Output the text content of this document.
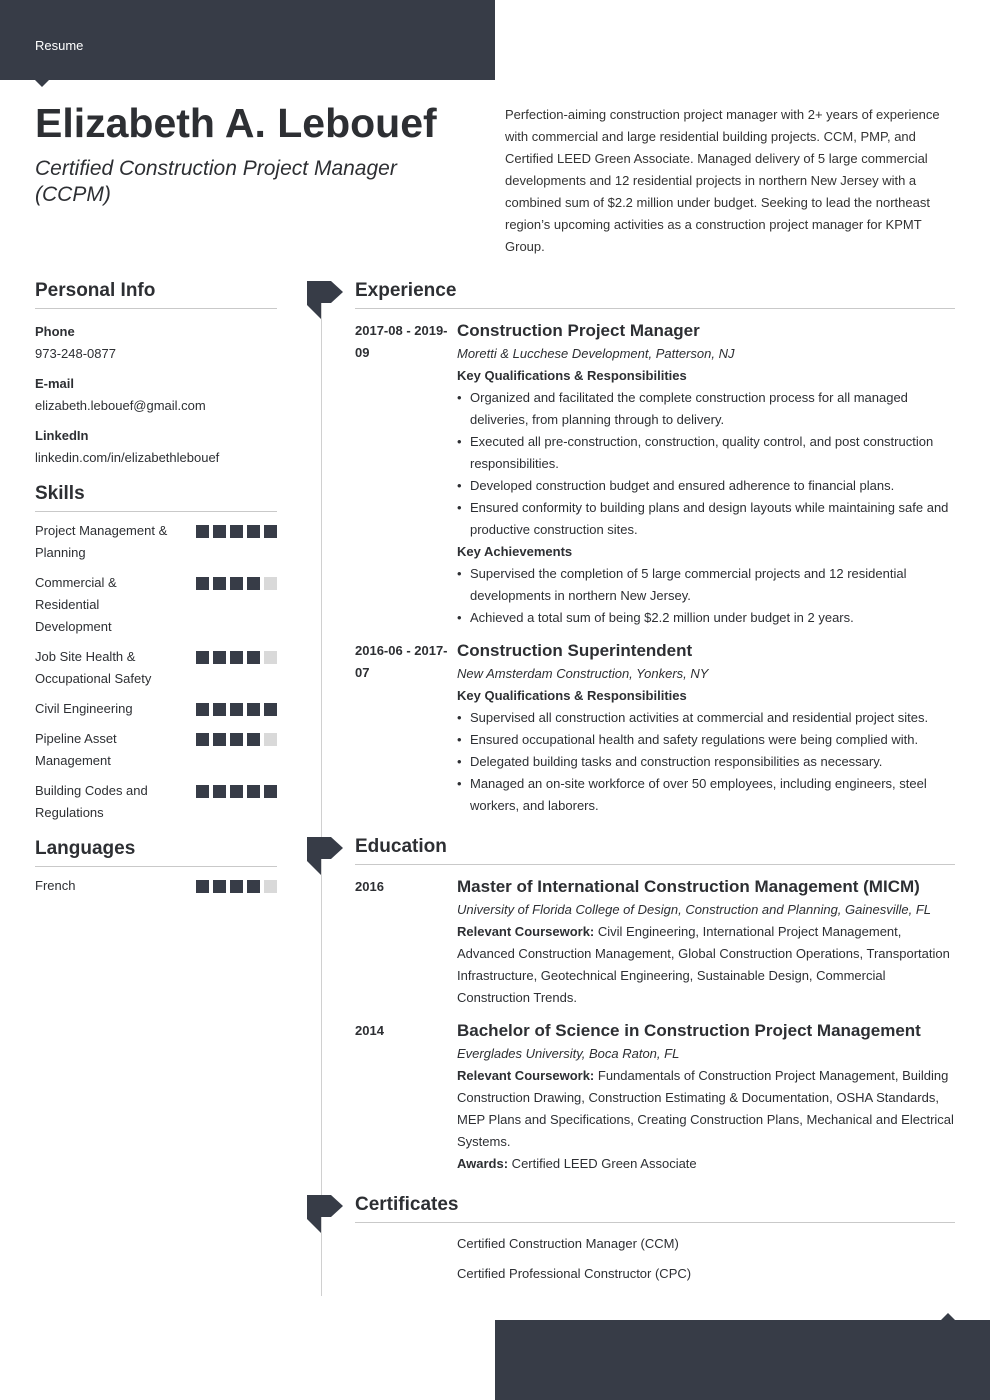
Resume
Elizabeth A. Lebouef
Certified Construction Project Manager (CCPM)
Perfection-aiming construction project manager with 2+ years of experience with commercial and large residential building projects. CCM, PMP, and Certified LEED Green Associate. Managed delivery of 5 large commercial developments and 12 residential projects in northern New Jersey with a combined sum of $2.2 million under budget. Seeking to lead the northeast region’s upcoming activities as a construction project manager for KPMT Group.
Personal Info
Phone
973-248-0877
E-mail
elizabeth.lebouef@gmail.com
LinkedIn
linkedin.com/in/elizabethlebouef
Skills
Project Management & Planning
Commercial & Residential Development
Job Site Health & Occupational Safety
Civil Engineering
Pipeline Asset Management
Building Codes and Regulations
Languages
French
Experience
2017-08 - 2019-09
Construction Project Manager
Moretti & Lucchese Development, Patterson, NJ
Key Qualifications & Responsibilities
• Organized and facilitated the complete construction process for all managed deliveries, from planning through to delivery.
• Executed all pre-construction, construction, quality control, and post construction responsibilities.
• Developed construction budget and ensured adherence to financial plans.
• Ensured conformity to building plans and design layouts while maintaining safe and productive construction sites.
Key Achievements
• Supervised the completion of 5 large commercial projects and 12 residential developments in northern New Jersey.
• Achieved a total sum of being $2.2 million under budget in 2 years.
2016-06 - 2017-07
Construction Superintendent
New Amsterdam Construction, Yonkers, NY
Key Qualifications & Responsibilities
• Supervised all construction activities at commercial and residential project sites.
• Ensured occupational health and safety regulations were being complied with.
• Delegated building tasks and construction responsibilities as necessary.
• Managed an on-site workforce of over 50 employees, including engineers, steel workers, and laborers.
Education
2016	Master of International Construction Management (MICM)
University of Florida College of Design, Construction and Planning, Gainesville, FL
Relevant Coursework: Civil Engineering, International Project Management, Advanced Construction Management, Global Construction Operations, Transportation Infrastructure, Geotechnical Engineering, Sustainable Design, Commercial Construction Trends.
2014	Bachelor of Science in Construction Project Management
Everglades University, Boca Raton, FL
Relevant Coursework: Fundamentals of Construction Project Management, Building Construction Drawing, Construction Estimating & Documentation, OSHA Standards, MEP Plans and Specifications, Creating Construction Plans, Mechanical and Electrical Systems.
Awards: Certified LEED Green Associate
Certificates
Certified Construction Manager (CCM)
Certified Professional Constructor (CPC)
